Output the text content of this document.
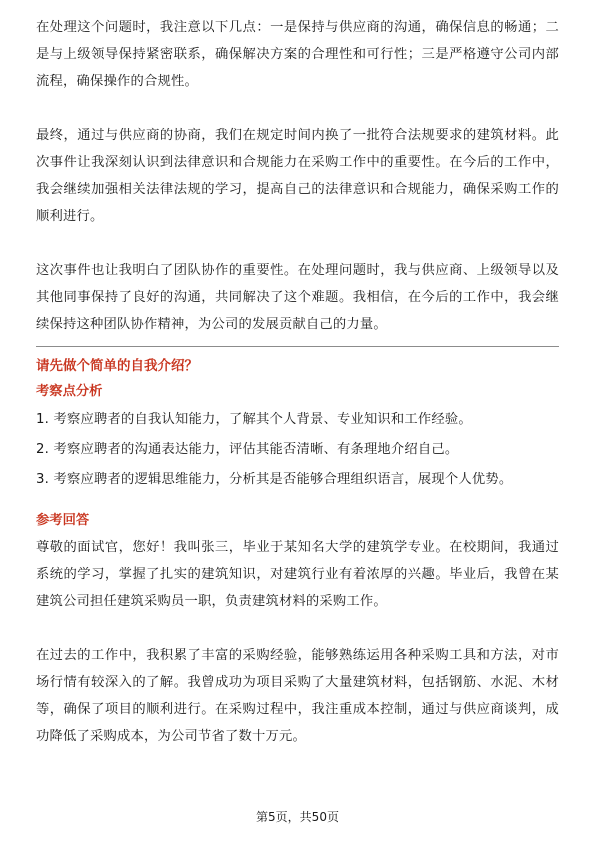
在处理这个问题时，我注意以下几点：一是保持与供应商的沟通，确保信息的畅通；二是与上级领导保持紧密联系，确保解决方案的合理性和可行性；三是严格遵守公司内部流程，确保操作的合规性。

最终，通过与供应商的协商，我们在规定时间内换了一批符合法规要求的建筑材料。此次事件让我深刻认识到法律意识和合规能力在采购工作中的重要性。在今后的工作中，我会继续加强相关法律法规的学习，提高自己的法律意识和合规能力，确保采购工作的顺利进行。

这次事件也让我明白了团队协作的重要性。在处理问题时，我与供应商、上级领导以及其他同事保持了良好的沟通，共同解决了这个难题。我相信，在今后的工作中，我会继续保持这种团队协作精神，为公司的发展贡献自己的力量。

请先做个简单的自我介绍？

考察点分析

1. 考察应聘者的自我认知能力，了解其个人背景、专业知识和工作经验。

2. 考察应聘者的沟通表达能力，评估其能否清晰、有条理地介绍自己。

3. 考察应聘者的逻辑思维能力，分析其是否能够合理组织语言，展现个人优势。

参考回答

尊敬的面试官，您好！我叫张三，毕业于某知名大学的建筑学专业。在校期间，我通过系统的学习，掌握了扎实的建筑知识，对建筑行业有着浓厚的兴趣。毕业后，我曾在某建筑公司担任建筑采购员一职，负责建筑材料的采购工作。

在过去的工作中，我积累了丰富的采购经验，能够熟练运用各种采购工具和方法，对市场行情有较深入的了解。我曾成功为项目采购了大量建筑材料，包括钢筋、水泥、木材等，确保了项目的顺利进行。在采购过程中，我注重成本控制，通过与供应商谈判，成功降低了采购成本，为公司节省了数十万元。

第5页，共50页
